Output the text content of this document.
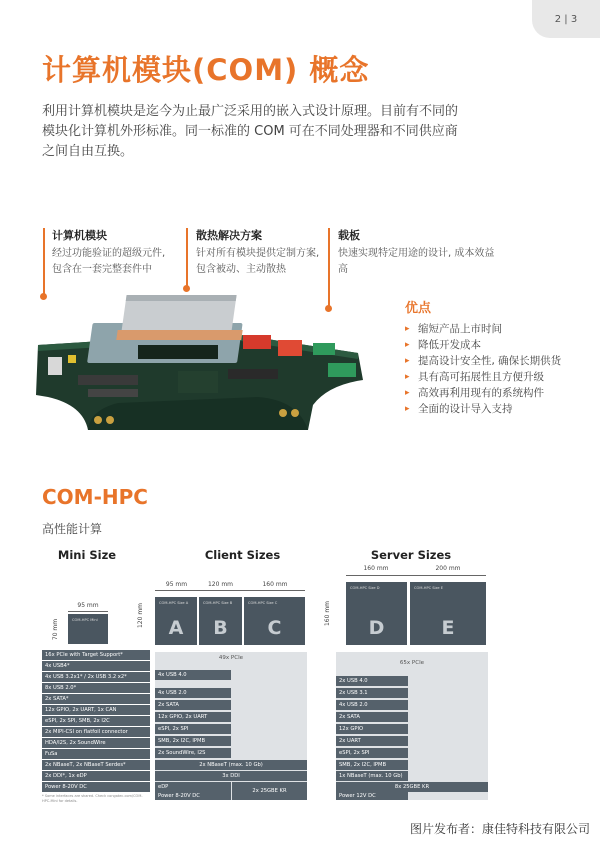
2 | 3
计算机模块(COM) 概念

利用计算机模块是迄今为止最广泛采用的嵌入式设计原理。目前有不同的模块化计算机外形标准。同一标准的 COM 可在不同处理器和不同供应商之间自由互换。

计算机模块
经过功能验证的超级元件, 包含在一套完整套件中
散热解决方案
针对所有模块提供定制方案, 包含被动、主动散热
载板
快速实现特定用途的设计, 成本效益高
优点
▸ 缩短产品上市时间
▸ 降低开发成本
▸ 提高设计安全性, 确保长期供货
▸ 具有高可拓展性且方便升级
▸ 高效再利用现有的系统构件
▸ 全面的设计导入支持
COM-HPC
高性能计算
Mini Size
95 mm
70 mm	COM-HPC Mini
16x PCIe with Target Support*
4x USB4*
4x USB 3.2x1* / 2x USB 3.2 x2*
8x USB 2.0*
2x SATA*
12x GPIO, 2x UART, 1x CAN
eSPI, 2x SPI, SMB, 2x I2C
2x MIPI-CSI on flatfoil connector
HDA/I2S, 2x SoundWire
FuSa
2x NBaseT, 2x NBaseT Serdes*
2x DDI*, 1x eDP
Power 8-20V DC
* Some interfaces are shared. Check congatec.com/COM-HPC-Mini for details.
Client Sizes
95 mm	120 mm	160 mm
120 mm	COM-HPC Size A
A
COM-HPC Size B
B
COM-HPC Size C
C
49x PCIe
4x USB 4.0
4x USB 2.0
2x SATA
12x GPIO, 2x UART
eSPI, 2x SPI
SMB, 2x I2C, IPMB
2x SoundWire, I2S
2x NBaseT (max. 10 Gb)
3x DDI
eDP
Power 8-20V DC
2x 25GBE KR
Server Sizes
160 mm	200 mm
160 mm
COM-HPC Size D
D
COM-HPC Size E
E
65x PCIe
2x USB 4.0
2x USB 3.1
4x USB 2.0
2x SATA
12x GPIO
2x UART
eSPI, 2x SPI
SMB, 2x I2C, IPMB
1x NBaseT (max. 10 Gb)
8x 25GBE KR
Power 12V DC
图片发布者：康佳特科技有限公司
